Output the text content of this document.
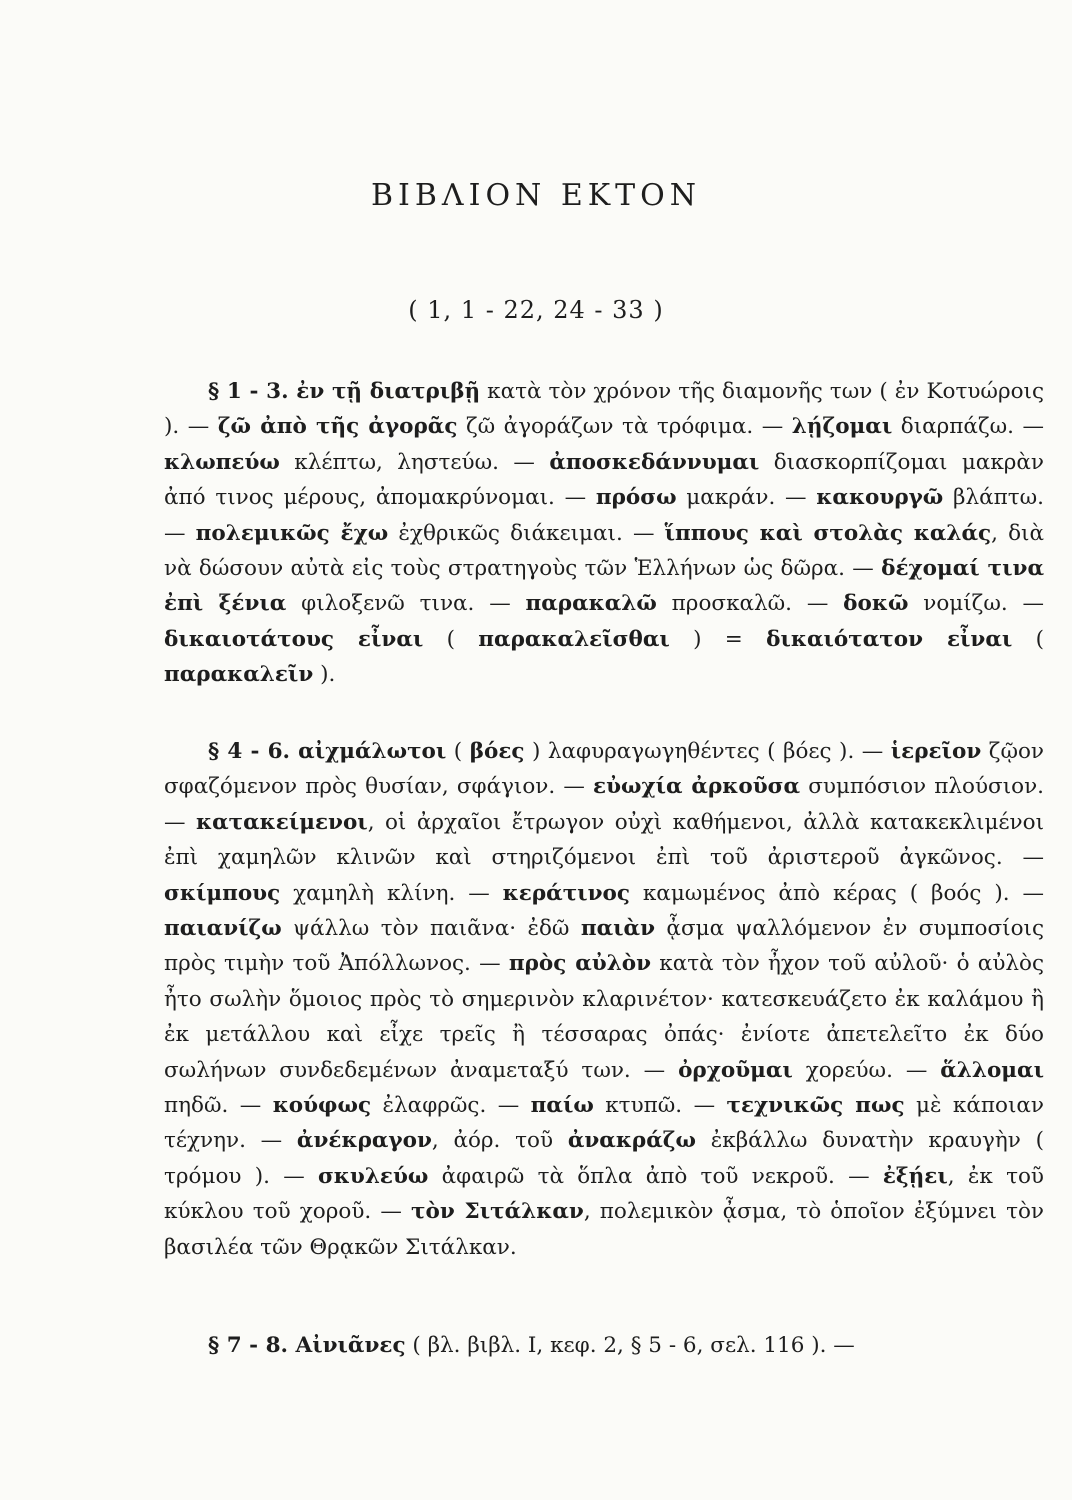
ΒΙΒΛΙΟΝ ΕΚΤΟΝ
( 1, 1 - 22, 24 - 33 )

§ 1 - 3. ἐν τῇ διατριβῇ κατὰ τὸν χρόνον τῆς διαμονῆς των ( ἐν Κοτυώροις ). — ζῶ ἀπὸ τῆς ἀγορᾶς ζῶ ἀγοράζων τὰ τρόφιμα. — λῄζομαι διαρπάζω. — κλωπεύω κλέπτω, ληστεύω. — ἀποσκεδάννυμαι διασκορπίζομαι μακρὰν ἀπό τινος μέρους, ἀπομακρύνομαι. — πρόσω μακράν. — κακουργῶ βλάπτω. — πολεμικῶς ἔχω ἐχθρικῶς διάκειμαι. — ἵππους καὶ στολὰς καλάς, διὰ νὰ δώσουν αὐτὰ εἰς τοὺς στρατηγοὺς τῶν Ἑλλήνων ὡς δῶρα. — δέχομαί τινα ἐπὶ ξένια φιλοξενῶ τινα. — παρακαλῶ προσκαλῶ. — δοκῶ νομίζω. — δικαιοτάτους εἶναι ( παρακαλεῖσθαι ) = δικαιότατον εἶναι ( παρακαλεῖν ).

§ 4 - 6. αἰχμάλωτοι ( βόες ) λαφυραγωγηθέντες ( βόες ). — ἱερεῖον ζῷον σφαζόμενον πρὸς θυσίαν, σφάγιον. — εὐωχία ἀρκοῦσα συμπόσιον πλούσιον. — κατακείμενοι, οἱ ἀρχαῖοι ἔτρωγον οὐχὶ καθήμενοι, ἀλλὰ κατακεκλιμένοι ἐπὶ χαμηλῶν κλινῶν καὶ στηριζόμενοι ἐπὶ τοῦ ἀριστεροῦ ἀγκῶνος. — σκίμπους χαμηλὴ κλίνη. — κεράτινος καμωμένος ἀπὸ κέρας ( βοός ). — παιανίζω ψάλλω τὸν παιᾶνα· ἐδῶ παιὰν ᾆσμα ψαλλόμενον ἐν συμποσίοις πρὸς τιμὴν τοῦ Ἀπόλλωνος. — πρὸς αὐλὸν κατὰ τὸν ἦχον τοῦ αὐλοῦ· ὁ αὐλὸς ἦτο σωλὴν ὅμοιος πρὸς τὸ σημερινὸν κλαρινέτον· κατεσκευάζετο ἐκ καλάμου ἢ ἐκ μετάλλου καὶ εἶχε τρεῖς ἢ τέσσαρας ὀπάς· ἐνίοτε ἀπετελεῖτο ἐκ δύο σωλήνων συνδεδεμένων ἀναμεταξύ των. — ὀρχοῦμαι χορεύω. — ἅλλομαι πηδῶ. — κούφως ἐλαφρῶς. — παίω κτυπῶ. — τεχνικῶς πως μὲ κάποιαν τέχνην. — ἀνέκραγον, ἀόρ. τοῦ ἀνακράζω ἐκβάλλω δυνατὴν κραυγὴν ( τρόμου ). — σκυλεύω ἀφαιρῶ τὰ ὅπλα ἀπὸ τοῦ νεκροῦ. — ἐξῄει, ἐκ τοῦ κύκλου τοῦ χοροῦ. — τὸν Σιτάλκαν, πολεμικὸν ᾆσμα, τὸ ὁποῖον ἐξύμνει τὸν βασιλέα τῶν Θρᾳκῶν Σιτάλκαν.

§ 7 - 8. Αἰνιᾶνες ( βλ. βιβλ. I, κεφ. 2, § 5 - 6, σελ. 116 ). —
